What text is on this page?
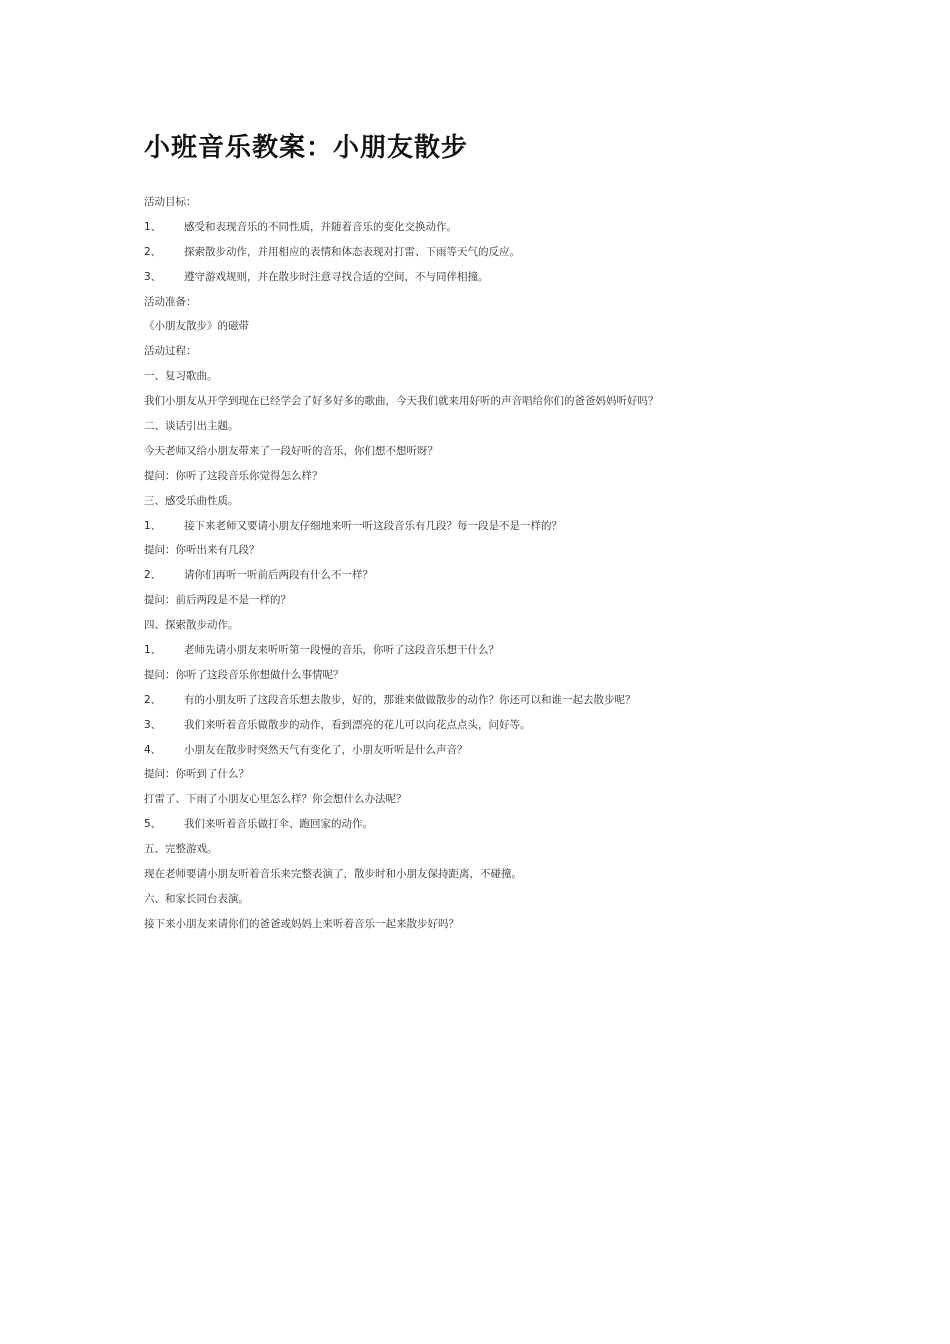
小班音乐教案：小朋友散步
活动目标：
1、 感受和表现音乐的不同性质，并随着音乐的变化交换动作。
2、 探索散步动作，并用相应的表情和体态表现对打雷、下雨等天气的反应。
3、 遵守游戏规则，并在散步时注意寻找合适的空间，不与同伴相撞。
活动准备：
《小朋友散步》的磁带
活动过程：
一、复习歌曲。
我们小朋友从开学到现在已经学会了好多好多的歌曲，今天我们就来用好听的声音唱给你们的爸爸妈妈听好吗？
二、谈话引出主题。
今天老师又给小朋友带来了一段好听的音乐，你们想不想听呀？
提问：你听了这段音乐你觉得怎么样？
三、感受乐曲性质。
1、 接下来老师又要请小朋友仔细地来听一听这段音乐有几段？每一段是不是一样的？
提问：你听出来有几段？
2、 请你们再听一听前后两段有什么不一样？
提问：前后两段是不是一样的？
四、探索散步动作。
1、 老师先请小朋友来听听第一段慢的音乐，你听了这段音乐想干什么？
提问：你听了这段音乐你想做什么事情呢？
2、 有的小朋友听了这段音乐想去散步，好的，那谁来做做散步的动作？你还可以和谁一起去散步呢？
3、 我们来听着音乐做散步的动作，看到漂亮的花儿可以向花点点头，问好等。
4、 小朋友在散步时突然天气有变化了，小朋友听听是什么声音？
提问：你听到了什么？
打雷了、下雨了小朋友心里怎么样？你会想什么办法呢？
5、 我们来听着音乐做打伞、跑回家的动作。
五、完整游戏。
现在老师要请小朋友听着音乐来完整表演了，散步时和小朋友保持距离，不碰撞。
六、和家长同台表演。
接下来小朋友来请你们的爸爸或妈妈上来听着音乐一起来散步好吗？
